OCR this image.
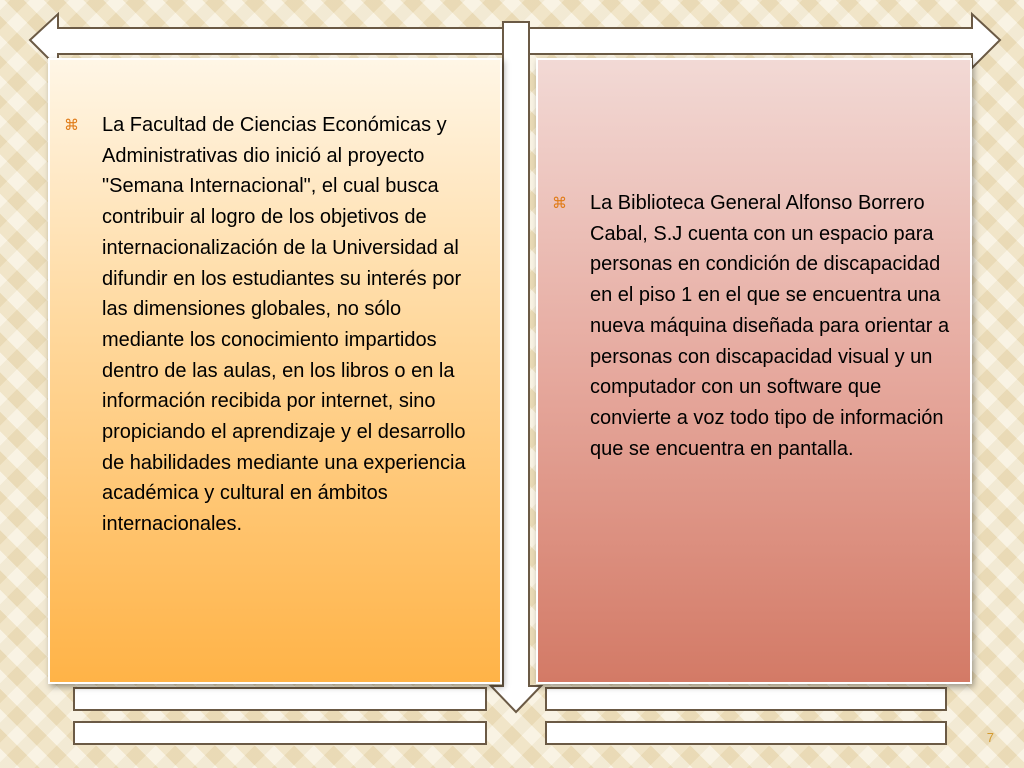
⌘	La Facultad de Ciencias Económicas y Administrativas dio inició al proyecto "Semana Internacional", el cual busca contribuir al logro de los objetivos de internacionalización de la Universidad al difundir en los estudiantes su interés por las dimensiones globales, no sólo mediante los conocimiento impartidos dentro de las aulas, en los libros o en la información recibida por internet, sino propiciando el aprendizaje y el desarrollo de habilidades mediante una experiencia académica y cultural en ámbitos internacionales.
⌘	La Biblioteca General Alfonso Borrero Cabal, S.J cuenta con un espacio para personas en condición de discapacidad en el piso 1 en el que se encuentra una nueva máquina diseñada para orientar a personas con discapacidad visual y un computador con un software que convierte a voz todo tipo de información que se encuentra en pantalla.
7
